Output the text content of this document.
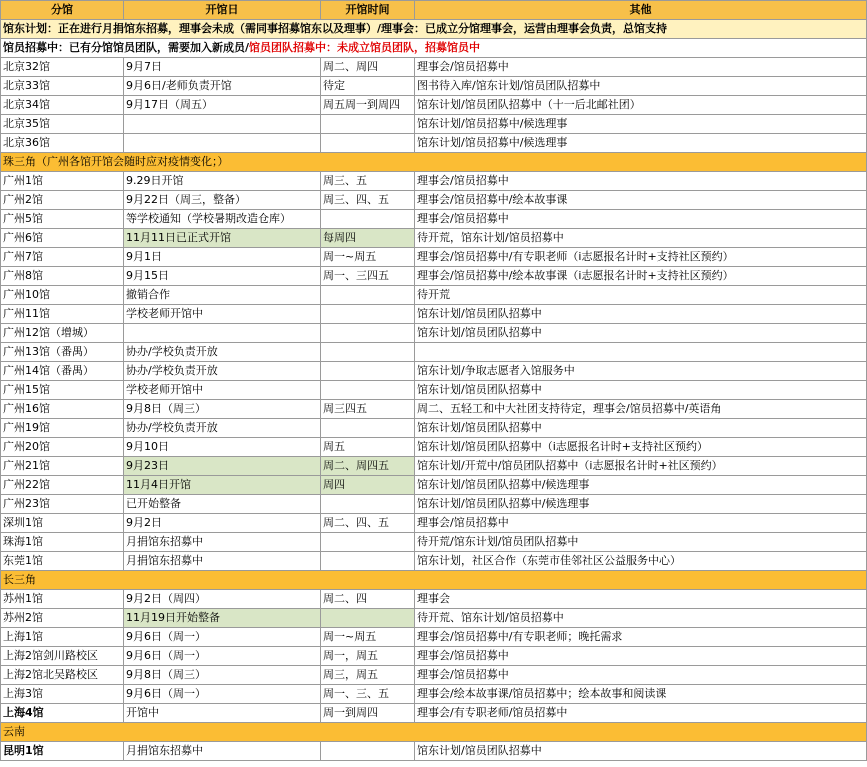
分馆	开馆日	开馆时间	其他
馆东计划：正在进行月捐馆东招募，理事会未成（需同事招募馆东以及理事）/理事会：已成立分馆理事会，运营由理事会负责，总馆支持			
馆员招募中：已有分馆馆员团队，需要加入新成员/馆员团队招募中：未成立馆员团队，招募馆员中			
北京32馆	9月7日	周二、周四	理事会/馆员招募中
北京33馆	9月6日/老师负责开馆	待定	图书待入库/馆东计划/馆员团队招募中
北京34馆	9月17日（周五）	周五周一到周四	馆东计划/馆员团队招募中（十一后北邮社团）
北京35馆			馆东计划/馆员招募中/候选理事
北京36馆			馆东计划/馆员招募中/候选理事
珠三角（广州各馆开馆会随时应对疫情变化；）			
广州1馆	9.29日开馆	周三、五	理事会/馆员招募中
广州2馆	9月22日（周三，整备）	周三、四、五	理事会/馆员招募中/绘本故事课
广州5馆	等学校通知（学校暑期改造仓库）		理事会/馆员招募中
广州6馆	11月11日已正式开馆	每周四	待开荒，馆东计划/馆员招募中
广州7馆	9月1日	周一~周五	理事会/馆员招募中/有专职老师（i志愿报名计时+支持社区预约）
广州8馆	9月15日	周一、三四五	理事会/馆员招募中/绘本故事课（i志愿报名计时+支持社区预约）
广州10馆	撤销合作		待开荒
广州11馆	学校老师开馆中		馆东计划/馆员团队招募中
广州12馆（增城）			馆东计划/馆员团队招募中
广州13馆（番禺）	协办/学校负责开放		
广州14馆（番禺）	协办/学校负责开放		馆东计划/争取志愿者入馆服务中
广州15馆	学校老师开馆中		馆东计划/馆员团队招募中
广州16馆	9月8日（周三）	周三四五	周二、五轻工和中大社团支持待定，理事会/馆员招募中/英语角
广州19馆	协办/学校负责开放		馆东计划/馆员团队招募中
广州20馆	9月10日	周五	馆东计划/馆员团队招募中（i志愿报名计时+支持社区预约）
广州21馆	9月23日	周二、周四五	馆东计划/开荒中/馆员团队招募中（i志愿报名计时+社区预约）
广州22馆	11月4日开馆	周四	馆东计划/馆员团队招募中/候选理事
广州23馆	已开始整备		馆东计划/馆员团队招募中/候选理事
深圳1馆	9月2日	周二、四、五	理事会/馆员招募中
珠海1馆	月捐馆东招募中		待开荒/馆东计划/馆员团队招募中
东莞1馆	月捐馆东招募中		馆东计划，社区合作（东莞市佳邻社区公益服务中心）
长三角			
苏州1馆	9月2日（周四）	周二、四	理事会
苏州2馆	11月19日开始整备		待开荒、馆东计划/馆员招募中
上海1馆	9月6日（周一）	周一~周五	理事会/馆员招募中/有专职老师；晚托需求
上海2馆剑川路校区	9月6日（周一）	周一，周五	理事会/馆员招募中
上海2馆北吴路校区	9月8日（周三）	周三，周五	理事会/馆员招募中
上海3馆	9月6日（周一）	周一、三、五	理事会/绘本故事课/馆员招募中；绘本故事和阅读课
上海4馆	开馆中	周一到周四	理事会/有专职老师/馆员招募中
云南			
昆明1馆	月捐馆东招募中		馆东计划/馆员团队招募中
